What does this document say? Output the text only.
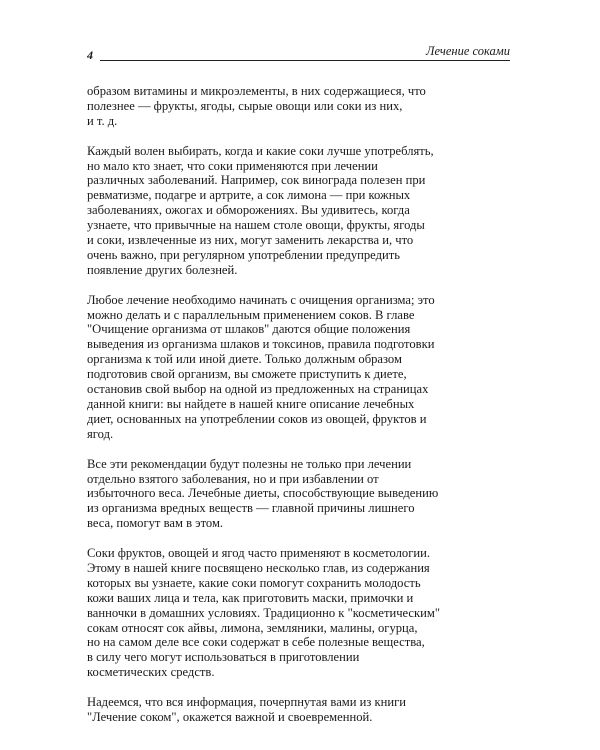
4	Лечение соками
образом витамины и микроэлементы, в них содержащиеся, что
полезнее — фрукты, ягоды, сырые овощи или соки из них,
и т. д.
Каждый волен выбирать, когда и какие соки лучше употреблять,
но мало кто знает, что соки применяются при лечении
различных заболеваний. Например, сок винограда полезен при
ревматизме, подагре и артрите, а сок лимона — при кожных
заболеваниях, ожогах и обморожениях. Вы удивитесь, когда
узнаете, что привычные на нашем столе овощи, фрукты, ягоды
и соки, извлеченные из них, могут заменить лекарства и, что
очень важно, при регулярном употреблении предупредить
появление других болезней.
Любое лечение необходимо начинать с очищения организма; это
можно делать и с параллельным применением соков. В главе
"Очищение организма от шлаков" даются общие положения
выведения из организма шлаков и токсинов, правила подготовки
организма к той или иной диете. Только должным образом
подготовив свой организм, вы сможете приступить к диете,
остановив свой выбор на одной из предложенных на страницах
данной книги: вы найдете в нашей книге описание лечебных
диет, основанных на употреблении соков из овощей, фруктов и
ягод.
Все эти рекомендации будут полезны не только при лечении
отдельно взятого заболевания, но и при избавлении от
избыточного веса. Лечебные диеты, способствующие выведению
из организма вредных веществ — главной причины лишнего
веса, помогут вам в этом.
Соки фруктов, овощей и ягод часто применяют в косметологии.
Этому в нашей книге посвящено несколько глав, из содержания
которых вы узнаете, какие соки помогут сохранить молодость
кожи ваших лица и тела, как приготовить маски, примочки и
ванночки в домашних условиях. Традиционно к "косметическим"
сокам относят сок айвы, лимона, земляники, малины, огурца,
но на самом деле все соки содержат в себе полезные вещества,
в силу чего могут использоваться в приготовлении
косметических средств.
Надеемся, что вся информация, почерпнутая вами из книги
"Лечение соком", окажется важной и своевременной.
